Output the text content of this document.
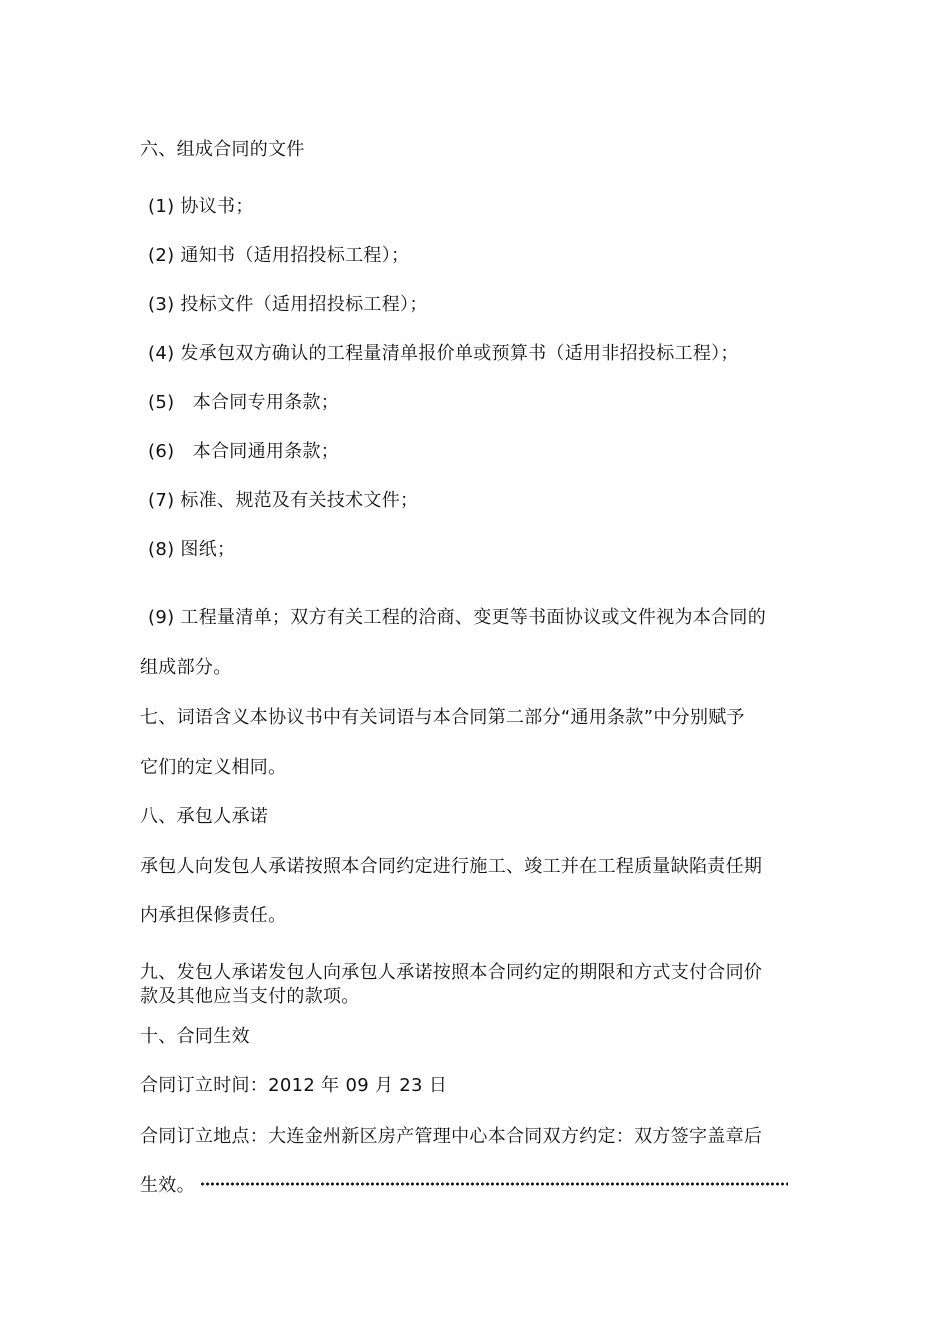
六、组成合同的文件
(1) 协议书；
(2) 通知书（适用招投标工程）；
(3) 投标文件（适用招投标工程）；
(4) 发承包双方确认的工程量清单报价单或预算书（适用非招投标工程）；
(5)　本合同专用条款；
(6)　本合同通用条款；
(7) 标准、规范及有关技术文件；
(8) 图纸；
(9) 工程量清单；双方有关工程的洽商、变更等书面协议或文件视为本合同的
组成部分。
七、词语含义本协议书中有关词语与本合同第二部分“通用条款”中分别赋予
它们的定义相同。
八、承包人承诺
承包人向发包人承诺按照本合同约定进行施工、竣工并在工程质量缺陷责任期
内承担保修责任。
九、发包人承诺发包人向承包人承诺按照本合同约定的期限和方式支付合同价
款及其他应当支付的款项。
十、合同生效
合同订立时间：2012 年 09 月 23 日
合同订立地点：大连金州新区房产管理中心本合同双方约定：双方签字盖章后
生效。
